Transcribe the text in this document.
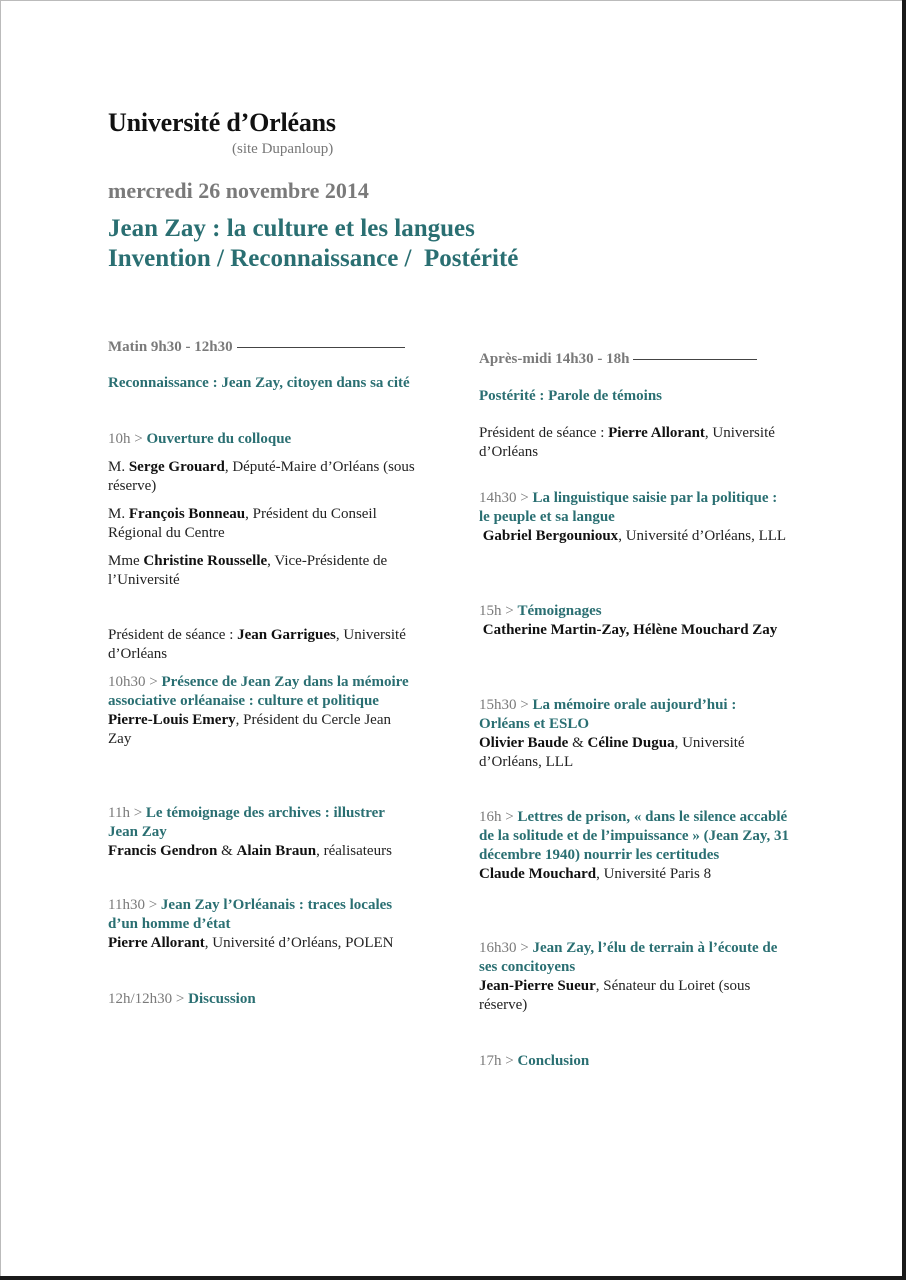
Université d’Orléans
(site Dupanloup)
mercredi 26 novembre 2014
Jean Zay : la culture et les langues
Invention / Reconnaissance /  Postérité
Matin 9h30 - 12h30
Reconnaissance : Jean Zay, citoyen dans sa cité
10h > Ouverture du colloque
M. Serge Grouard, Député-Maire d’Orléans (sous réserve)
M. François Bonneau, Président du Conseil Régional du Centre
Mme Christine Rousselle, Vice-Présidente de l’Université
Président de séance : Jean Garrigues, Université d’Orléans
10h30 > Présence de Jean Zay dans la mémoire associative orléanaise : culture et politique
Pierre-Louis Emery, Président du Cercle Jean Zay
11h > Le témoignage des archives : illustrer Jean Zay
Francis Gendron & Alain Braun, réalisateurs
11h30 > Jean Zay l’Orléanais : traces locales d’un homme d’état
Pierre Allorant, Université d’Orléans, POLEN
12h/12h30 > Discussion
Après-midi 14h30 - 18h
Postérité : Parole de témoins
Président de séance : Pierre Allorant, Université d’Orléans
14h30 > La linguistique saisie par la politique : le peuple et sa langue
Gabriel Bergounioux, Université d’Orléans, LLL
15h > Témoignages
Catherine Martin-Zay, Hélène Mouchard Zay
15h30 > La mémoire orale aujourd’hui : Orléans et ESLO
Olivier Baude & Céline Dugua, Université d’Orléans, LLL
16h > Lettres de prison, « dans le silence accablé de la solitude et de l’impuissance » (Jean Zay, 31 décembre 1940) nourrir les certitudes
Claude Mouchard, Université Paris 8
16h30 > Jean Zay, l’élu de terrain à l’écoute de ses concitoyens
Jean-Pierre Sueur, Sénateur du Loiret (sous réserve)
17h > Conclusion
